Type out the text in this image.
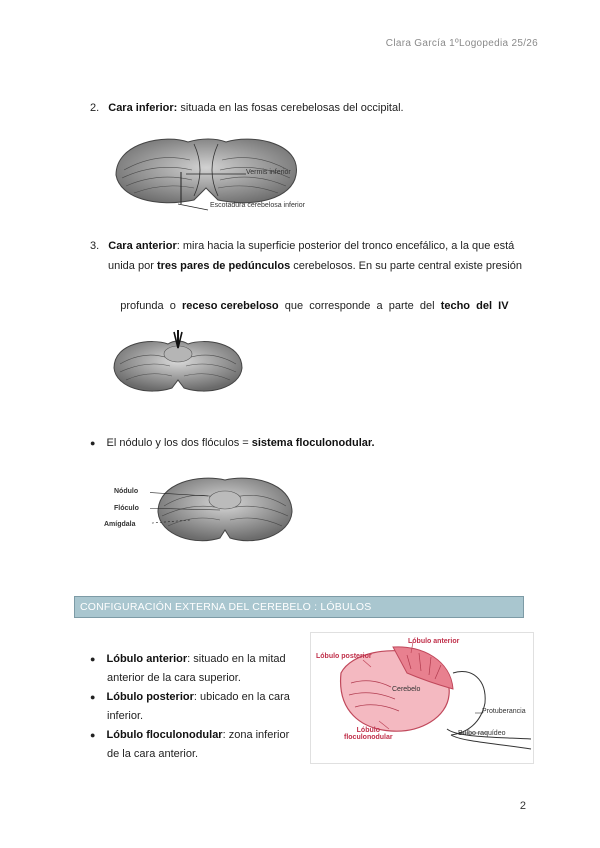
Clara García 1ºLogopedia 25/26
2. Cara inferior: situada en las fosas cerebelosas del occipital.
Vermis inferior
Escotadura cerebelosa inferior
3. Cara anterior: mira hacia la superficie posterior del tronco encefálico, a la que está
unida por tres pares de pedúnculos cerebelosos. En su parte central existe presión

profunda  o  receso cerebeloso  que  corresponde  a  parte  del  techo  del  IV

● El nódulo y los dos flóculos = sistema floculonodular.
Nódulo
Flóculo
Amígdala
CONFIGURACIÓN EXTERNA DEL CEREBELO : LÓBULOS
● Lóbulo anterior: situado en la mitad
anterior de la cara superior.
● Lóbulo posterior: ubicado en la cara
inferior.
● Lóbulo floculonodular: zona inferior
de la cara anterior.
Lóbulo anterior
Lóbulo posterior
Cerebelo
Protuberancia
Bulbo raquídeo
Lóbulo
floculonodular
2
